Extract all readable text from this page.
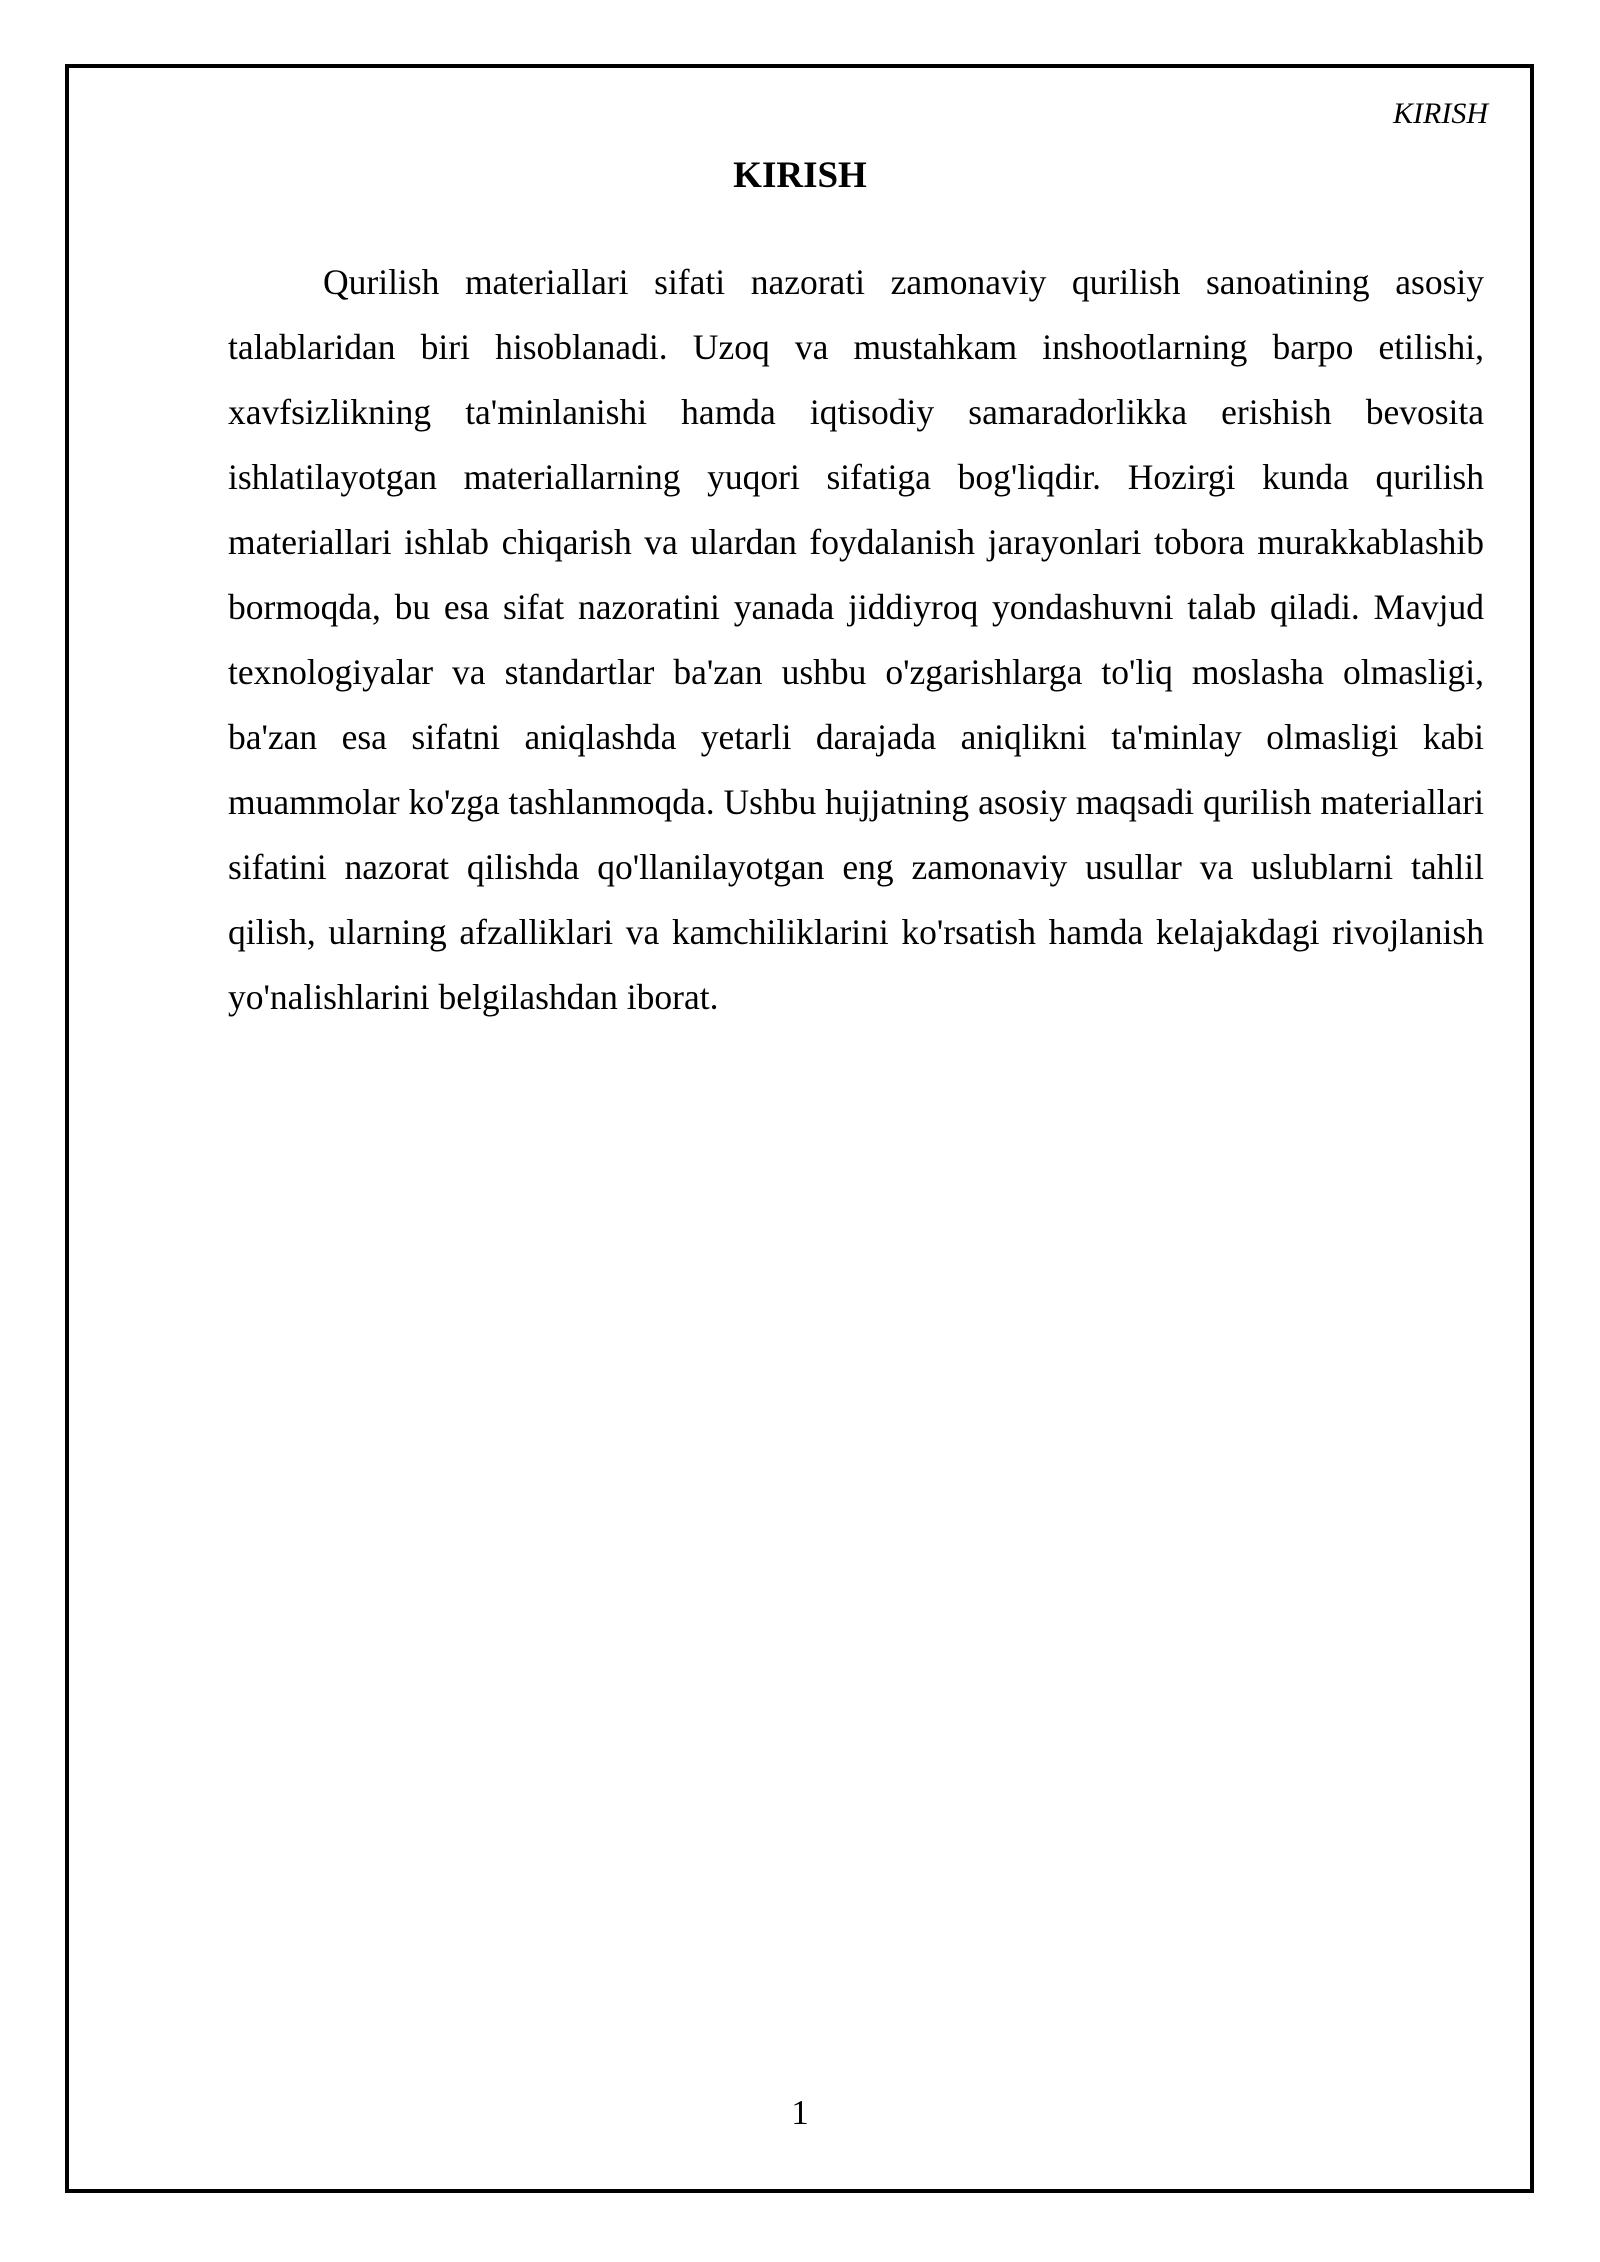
KIRISH
KIRISH

Qurilish materiallari sifati nazorati zamonaviy qurilish sanoatining asosiy talablaridan biri hisoblanadi. Uzoq va mustahkam inshootlarning barpo etilishi, xavfsizlikning ta'minlanishi hamda iqtisodiy samaradorlikka erishish bevosita ishlatilayotgan materiallarning yuqori sifatiga bog'liqdir. Hozirgi kunda qurilish materiallari ishlab chiqarish va ulardan foydalanish jarayonlari tobora murakkablashib bormoqda, bu esa sifat nazoratini yanada jiddiyroq yondashuvni talab qiladi. Mavjud texnologiyalar va standartlar ba'zan ushbu o'zgarishlarga to'liq moslasha olmasligi, ba'zan esa sifatni aniqlashda yetarli darajada aniqlikni ta'minlay olmasligi kabi muammolar ko'zga tashlanmoqda. Ushbu hujjatning asosiy maqsadi qurilish materiallari sifatini nazorat qilishda qo'llanilayotgan eng zamonaviy usullar va uslublarni tahlil qilish, ularning afzalliklari va kamchiliklarini ko'rsatish hamda kelajakdagi rivojlanish yo'nalishlarini belgilashdan iborat.

1
